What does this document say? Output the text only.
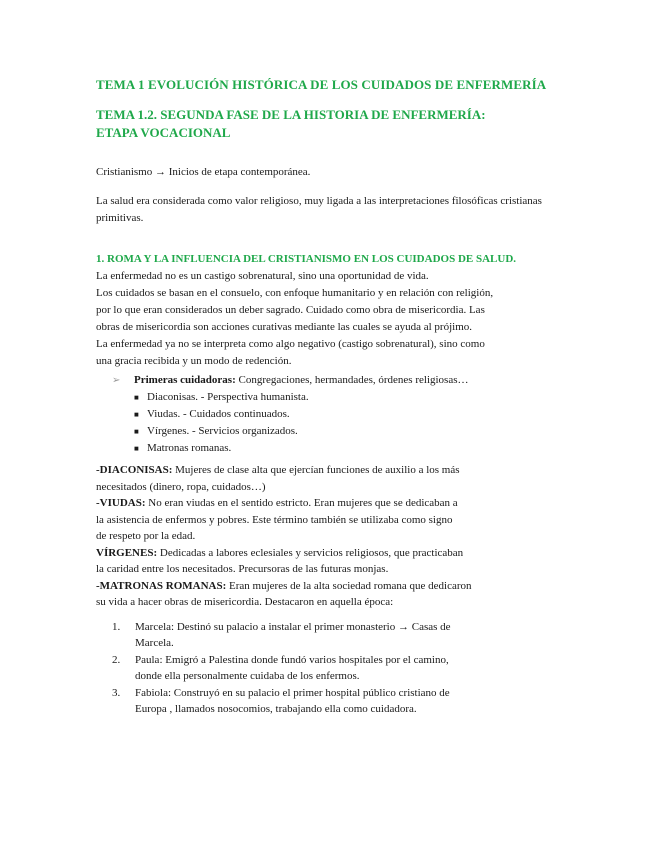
TEMA 1 EVOLUCIÓN HISTÓRICA DE LOS CUIDADOS DE ENFERMERÍA
TEMA 1.2. SEGUNDA FASE DE LA HISTORIA DE ENFERMERÍA: ETAPA VOCACIONAL
Cristianismo → Inicios de etapa contemporánea.
La salud era considerada como valor religioso, muy ligada a las interpretaciones filosóficas cristianas primitivas.
1. ROMA Y LA INFLUENCIA DEL CRISTIANISMO EN LOS CUIDADOS DE SALUD.
La enfermedad no es un castigo sobrenatural, sino una oportunidad de vida.
Los cuidados se basan en el consuelo, con enfoque humanitario y en relación con religión,
por lo que eran considerados un deber sagrado. Cuidado como obra de misericordia. Las
obras de misericordia son acciones curativas mediante las cuales se ayuda al prójimo.
La enfermedad ya no se interpreta como algo negativo (castigo sobrenatural), sino como
una gracia recibida y un modo de redención.
➢	Primeras cuidadoras: Congregaciones, hermandades, órdenes religiosas…
■ Diaconisas. - Perspectiva humanista.
■ Viudas. - Cuidados continuados.
■ Vírgenes. - Servicios organizados.
■ Matronas romanas.
-DIACONISAS: Mujeres de clase alta que ejercían funciones de auxilio a los más
necesitados (dinero, ropa, cuidados…)
-VIUDAS: No eran viudas en el sentido estricto. Eran mujeres que se dedicaban a
la asistencia de enfermos y pobres. Este término también se utilizaba como signo
de respeto por la edad.
VÍRGENES: Dedicadas a labores eclesiales y servicios religiosos, que practicaban
la caridad entre los necesitados. Precursoras de las futuras monjas.
-MATRONAS ROMANAS: Eran mujeres de la alta sociedad romana que dedicaron
su vida a hacer obras de misericordia. Destacaron en aquella época:
1.	Marcela: Destinó su palacio a instalar el primer monasterio → Casas de
Marcela.
2.	Paula: Emigró a Palestina donde fundó varios hospitales por el camino,
donde ella personalmente cuidaba de los enfermos.
3.	Fabiola: Construyó en su palacio el primer hospital público cristiano de
Europa , llamados nosocomios, trabajando ella como cuidadora.
